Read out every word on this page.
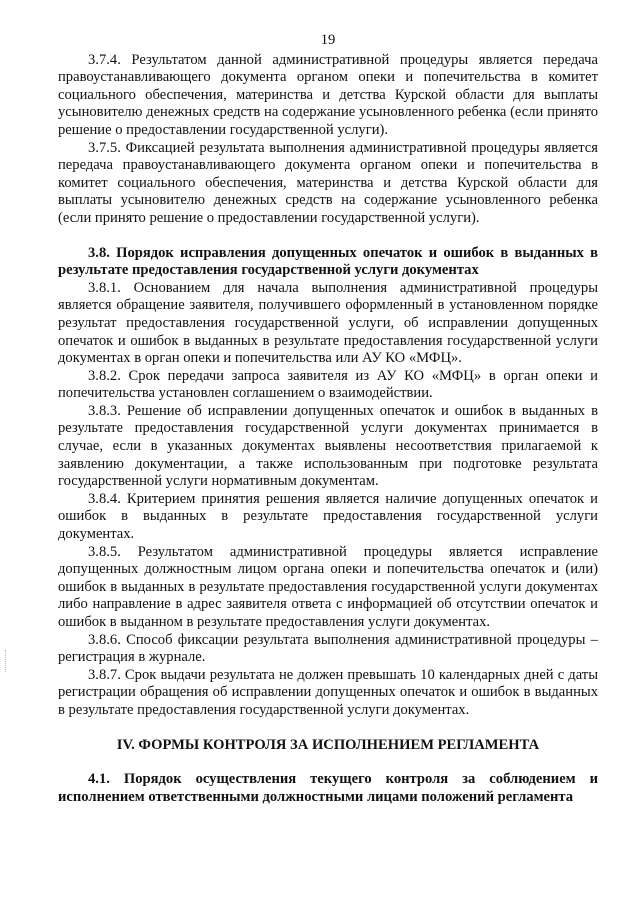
19

3.7.4. Результатом данной административной процедуры является передача правоустанавливающего документа органом опеки и попечительства в комитет социального обеспечения, материнства и детства Курской области для выплаты усыновителю денежных средств на содержание усыновленного ребенка (если принято решение о предоставлении государственной услуги).

3.7.5. Фиксацией результата выполнения административной процедуры является передача правоустанавливающего документа органом опеки и попечительства в комитет социального обеспечения, материнства и детства Курской области для выплаты усыновителю денежных средств на содержание усыновленного ребенка (если принято решение о предоставлении государственной услуги).

3.8. Порядок исправления допущенных опечаток и ошибок в выданных в результате предоставления государственной услуги документах

3.8.1. Основанием для начала выполнения административной процедуры является обращение заявителя, получившего оформленный в установленном порядке результат предоставления государственной услуги, об исправлении допущенных опечаток и ошибок в выданных в результате предоставления государственной услуги документах в орган опеки и попечительства или АУ КО «МФЦ».

3.8.2. Срок передачи запроса заявителя из АУ КО «МФЦ» в орган опеки и попечительства установлен соглашением о взаимодействии.

3.8.3. Решение об исправлении допущенных опечаток и ошибок в выданных в результате предоставления государственной услуги документах принимается в случае, если в указанных документах выявлены несоответствия прилагаемой к заявлению документации, а также использованным при подготовке результата государственной услуги нормативным документам.

3.8.4. Критерием принятия решения является наличие допущенных опечаток и ошибок в выданных в результате предоставления государственной услуги документах.

3.8.5. Результатом административной процедуры является исправление допущенных должностным лицом органа опеки и попечительства опечаток и (или) ошибок в выданных в результате предоставления государственной услуги документах либо направление в адрес заявителя ответа с информацией об отсутствии опечаток и ошибок в выданном в результате предоставления услуги документах.

3.8.6. Способ фиксации результата выполнения административной процедуры – регистрация в журнале.

3.8.7. Срок выдачи результата не должен превышать 10 календарных дней с даты регистрации обращения об исправлении допущенных опечаток и ошибок в выданных в результате предоставления государственной услуги документах.

IV. ФОРМЫ КОНТРОЛЯ ЗА ИСПОЛНЕНИЕМ РЕГЛАМЕНТА

4.1. Порядок осуществления текущего контроля за соблюдением и исполнением ответственными должностными лицами положений регламента
